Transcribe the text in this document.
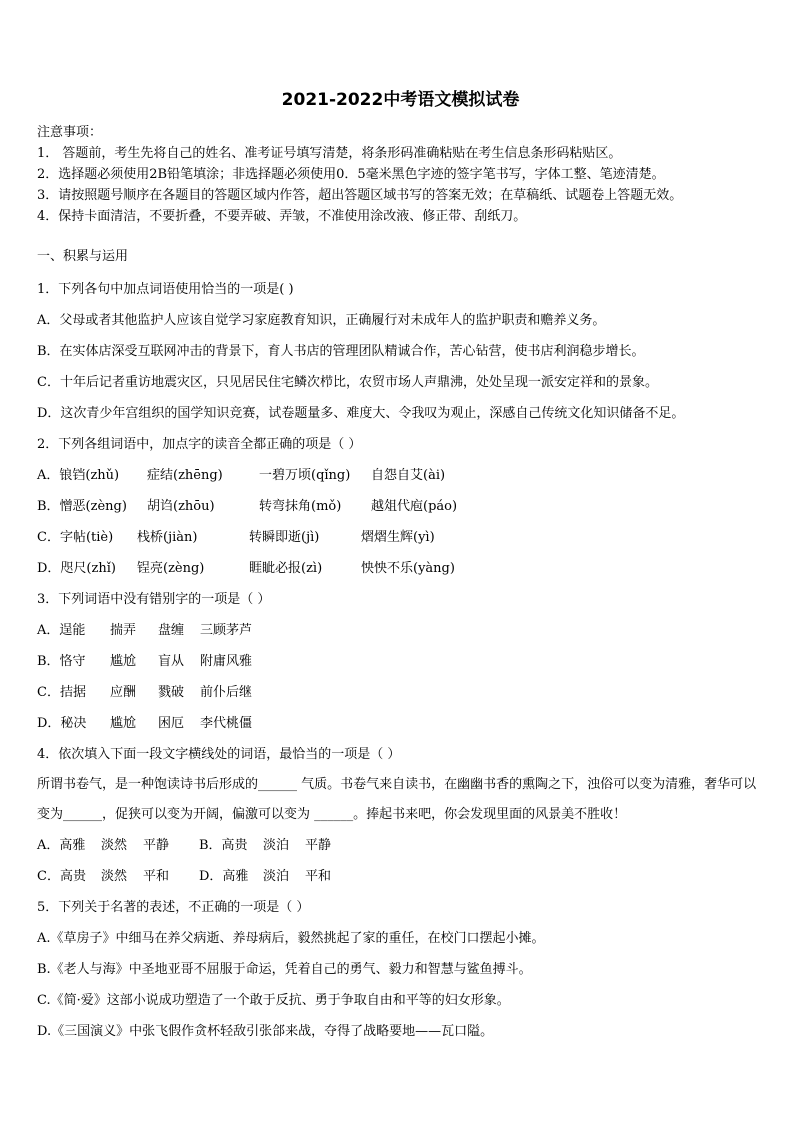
2021-2022中考语文模拟试卷
注意事项：
1． 答题前，考生先将自己的姓名、准考证号填写清楚，将条形码准确粘贴在考生信息条形码粘贴区。
2．选择题必须使用2B铅笔填涂；非选择题必须使用0．5毫米黑色字迹的签字笔书写，字体工整、笔迹清楚。
3．请按照题号顺序在各题目的答题区域内作答，超出答题区域书写的答案无效；在草稿纸、试题卷上答题无效。
4．保持卡面清洁，不要折叠，不要弄破、弄皱，不准使用涂改液、修正带、刮纸刀。
一、积累与运用
1．下列各句中加点词语使用恰当的一项是( )
A．父母或者其他监护人应该自觉学习家庭教育知识，正确履行对未成年人的监护职责和赡养义务。
B．在实体店深受互联网冲击的背景下，育人书店的管理团队精诚合作，苦心钻营，使书店利润稳步增长。
C．十年后记者重访地震灾区，只见居民住宅鳞次栉比，农贸市场人声鼎沸，处处呈现一派安定祥和的景象。
D．这次青少年宫组织的国学知识竞赛，试卷题量多、难度大、令我叹为观止，深感自己传统文化知识储备不足。
2．下列各组词语中，加点字的读音全都正确的项是（ ）
A．锒铛(zhǔ) 症结(zhēng)	一碧万顷(qǐng) 自怨自艾(ài)
B．憎恶(zèng) 胡诌(zhōu)	转弯抹角(mǒ) 越俎代庖(páo)
C．字帖(tiè) 栈桥(jiàn)	转瞬即逝(jì)	熠熠生辉(yì)
D．咫尺(zhǐ) 锃亮(zèng)	睚眦必报(zì)	怏怏不乐(yàng)
3．下列词语中没有错别字的一项是（ ）
A．逞能 揣弄 盘缠 三顾茅芦
B．恪守 尴尬 盲从 附庸风雅
C．拮据 应酬 戮破 前仆后继
D．秘决 尴尬 困厄 李代桃僵
4．依次填入下面一段文字横线处的词语，最恰当的一项是（ ）
所谓书卷气，是一种饱读诗书后形成的______ 气质。书卷气来自读书，在幽幽书香的熏陶之下，浊俗可以变为清雅，奢华可以变为______，促狭可以变为开阔，偏激可以变为 ______。捧起书来吧，你会发现里面的风景美不胜收！
A．高雅 淡然 平静 B．高贵 淡泊 平静
C．高贵 淡然 平和 D．高雅 淡泊 平和
5．下列关于名著的表述，不正确的一项是（ ）
A.《草房子》中细马在养父病逝、养母病后，毅然挑起了家的重任，在校门口摆起小摊。
B.《老人与海》中圣地亚哥不屈服于命运，凭着自己的勇气、毅力和智慧与鲨鱼搏斗。
C.《简·爱》这部小说成功塑造了一个敢于反抗、勇于争取自由和平等的妇女形象。
D.《三国演义》中张飞假作贪杯轻敌引张郃来战，夺得了战略要地——瓦口隘。
